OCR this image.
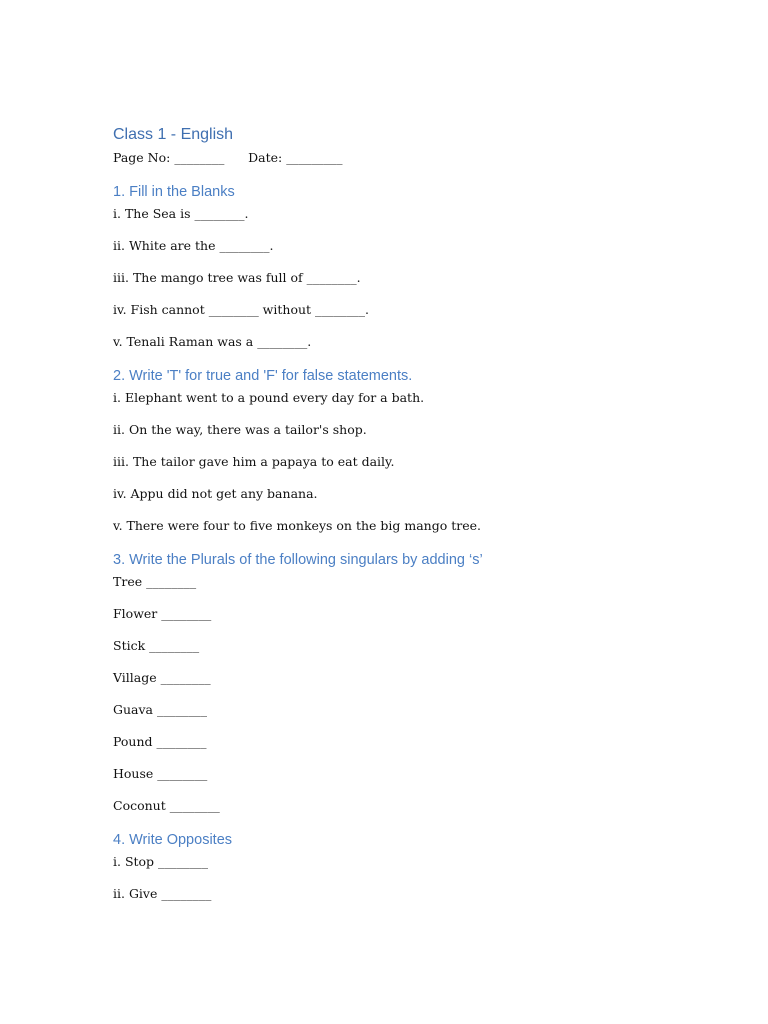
Class 1 - English
Page No: ________      Date: _________
1. Fill in the Blanks
i. The Sea is ________.
ii. White are the ________.
iii. The mango tree was full of ________.
iv. Fish cannot ________ without ________.
v. Tenali Raman was a ________.
2. Write 'T' for true and 'F' for false statements.
i. Elephant went to a pound every day for a bath.
ii. On the way, there was a tailor's shop.
iii. The tailor gave him a papaya to eat daily.
iv. Appu did not get any banana.
v. There were four to five monkeys on the big mango tree.
3. Write the Plurals of the following singulars by adding ‘s’
Tree ________
Flower ________
Stick ________
Village ________
Guava ________
Pound ________
House ________
Coconut ________
4. Write Opposites
i. Stop ________
ii. Give ________
